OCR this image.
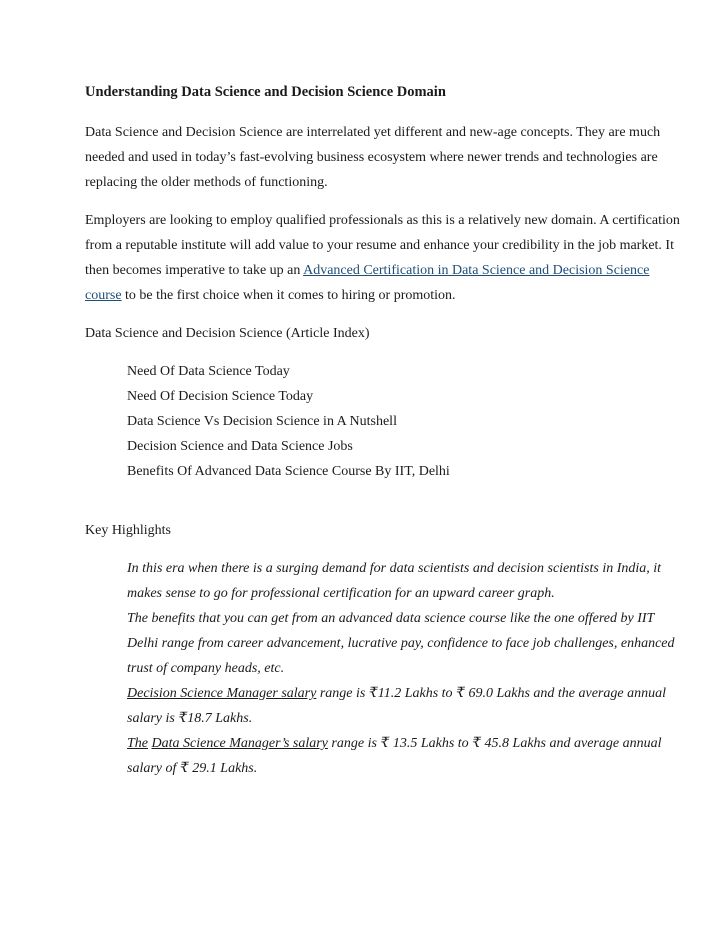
Understanding Data Science and Decision Science Domain

Data Science and Decision Science are interrelated yet different and new-age concepts. They are much needed and used in today’s fast-evolving business ecosystem where newer trends and technologies are replacing the older methods of functioning.

Employers are looking to employ qualified professionals as this is a relatively new domain. A certification from a reputable institute will add value to your resume and enhance your credibility in the job market. It then becomes imperative to take up an Advanced Certification in Data Science and Decision Science course to be the first choice when it comes to hiring or promotion.

Data Science and Decision Science (Article Index)
Need Of Data Science Today
Need Of Decision Science Today
Data Science Vs Decision Science in A Nutshell
Decision Science and Data Science Jobs
Benefits Of Advanced Data Science Course By IIT, Delhi
Key Highlights

In this era when there is a surging demand for data scientists and decision scientists in India, it makes sense to go for professional certification for an upward career graph.

The benefits that you can get from an advanced data science course like the one offered by IIT Delhi range from career advancement, lucrative pay, confidence to face job challenges, enhanced trust of company heads, etc.

Decision Science Manager salary range is ₹11.2 Lakhs to ₹ 69.0 Lakhs and the average annual salary is ₹18.7 Lakhs.

The Data Science Manager’s salary range is ₹ 13.5 Lakhs to ₹ 45.8 Lakhs and average annual salary of ₹ 29.1 Lakhs.
